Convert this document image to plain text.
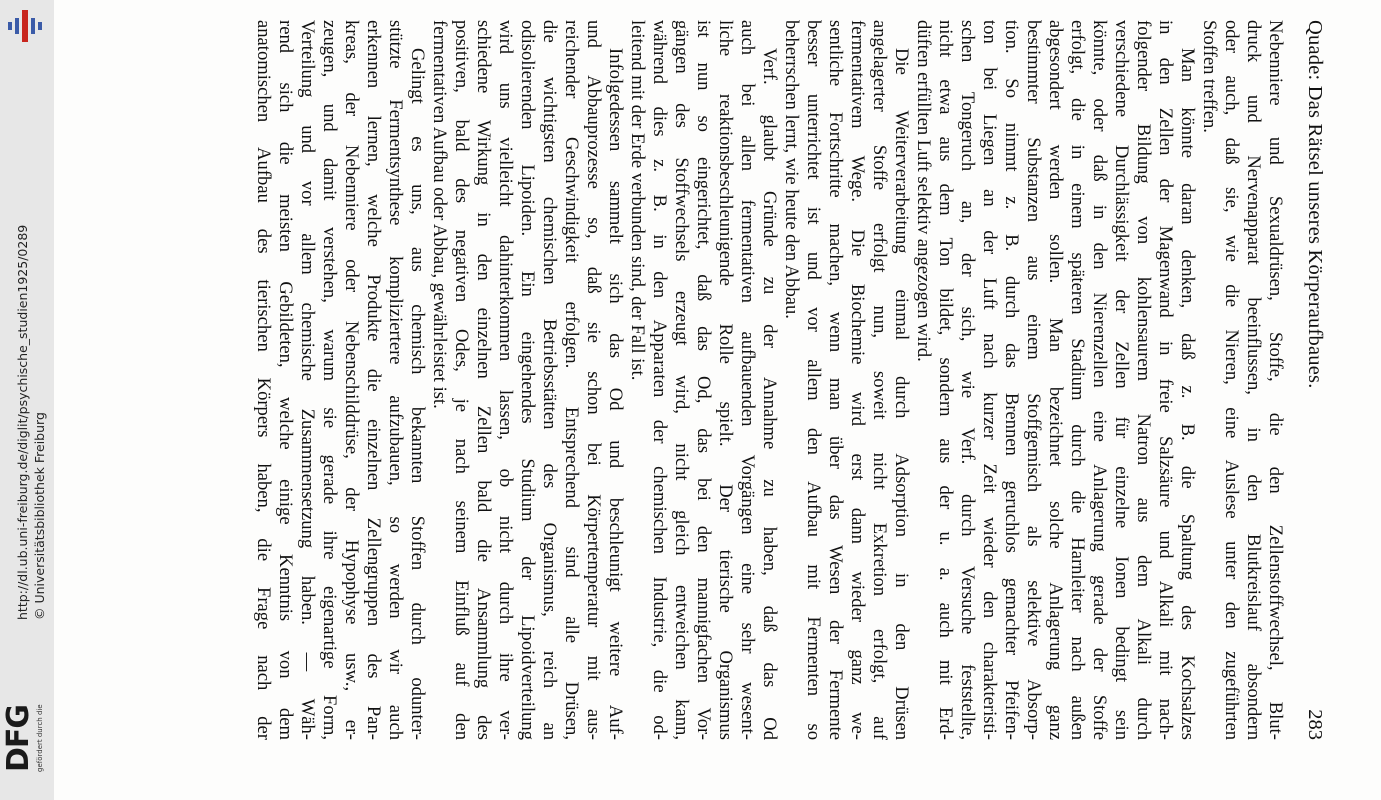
DFG gefördert durch die
http://dl.ub.uni-freiburg.de/diglit/psychische_studien1925/0289 © Universitätsbibliothek Freiburg
Quade: Das Rätsel unseres Körperaufbaues.
283
Nebenniere und Sexualdrüsen, Stoffe, die den Zellenstoffwechsel, Blut-
druck und Nervenapparat beeinflussen, in den Blutkreislauf absondern
oder auch, daß sie, wie die Nieren, eine Auslese unter den zugeführten
Stoffen treffen.
Man könnte daran denken, daß z. B. die Spaltung des Kochsalzes
in den Zellen der Magenwand in freie Salzsäure und Alkali mit nach-
folgender Bildung von kohlensaurem Natron aus dem Alkali durch
verschiedene Durchlässigkeit der Zellen für einzelne Ionen bedingt sein
könnte, oder daß in den Nierenzellen eine Anlagerung gerade der Stoffe
erfolgt, die in einem späteren Stadium durch die Harnleiter nach außen
abgesondert werden sollen. Man bezeichnet solche Anlagerung ganz
bestimmter Substanzen aus einem Stoffgemisch als selektive Absorp-
tion. So nimmt z. B. durch das Brennen geruchlos gemachter Pfeifen-
ton bei Liegen an der Luft nach kurzer Zeit wieder den charakteristi-
schen Tongeruch an, der sich, wie Verf. durch Versuche feststellte,
nicht etwa aus dem Ton bildet, sondern aus der u. a. auch mit Erd-
düften erfüllten Luft selektiv angezogen wird.
Die Weiterverarbeitung einmal durch Adsorption in den Drüsen
angelagerter Stoffe erfolgt nun, soweit nicht Exkretion erfolgt, auf
fermentativem Wege. Die Biochemie wird erst dann wieder ganz we-
sentliche Fortschritte machen, wenn man über das Wesen der Fermente
besser unterrichtet ist und vor allem den Aufbau mit Fermenten so
beherrschen lernt, wie heute den Abbau.
Verf. glaubt Gründe zu der Annahme zu haben, daß das Od
auch bei allen fermentativen aufbauenden Vorgängen eine sehr wesent-
liche reaktionsbeschleunigende Rolle spielt. Der tierische Organismus
ist nun so eingerichtet, daß das Od, das bei den mannigfachen Vor-
gängen des Stoffwechsels erzeugt wird, nicht gleich entweichen kann,
während dies z. B. in den Apparaten der chemischen Industrie, die od-
leitend mit der Erde verbunden sind, der Fall ist.
Infolgedessen sammelt sich das Od und beschleunigt weitere Auf-
und Abbauprozesse so, daß sie schon bei Körpertemperatur mit aus-
reichender Geschwindigkeit erfolgen. Entsprechend sind alle Drüsen,
die wichtigsten chemischen Betriebsstätten des Organismus, reich an
odisolierenden Lipoiden. Ein eingehendes Studium der Lipoidverteilung
wird uns vielleicht dahinterkommen lassen, ob nicht durch ihre ver-
schiedene Wirkung in den einzelnen Zellen bald die Ansammlung des
positiven, bald des negativen Odes, je nach seinem Einfluß auf den
fermentativen Aufbau oder Abbau, gewährleistet ist.
Gelingt es uns, aus chemisch bekannten Stoffen durch odunter-
stützte Fermentsynthese kompliziertere aufzubauen, so werden wir auch
erkennen lernen, welche Produkte die einzelnen Zellengruppen des Pan-
kreas, der Nebenniere oder Nebenschilddrüse, der Hypophyse usw., er-
zeugen, und damit verstehen, warum sie gerade ihre eigenartige Form,
Verteilung und vor allem chemische Zusammensetzung haben. — Wäh-
rend sich die meisten Gebildeten, welche einige Kenntnis von dem
anatomischen Aufbau des tierischen Körpers haben, die Frage nach der
